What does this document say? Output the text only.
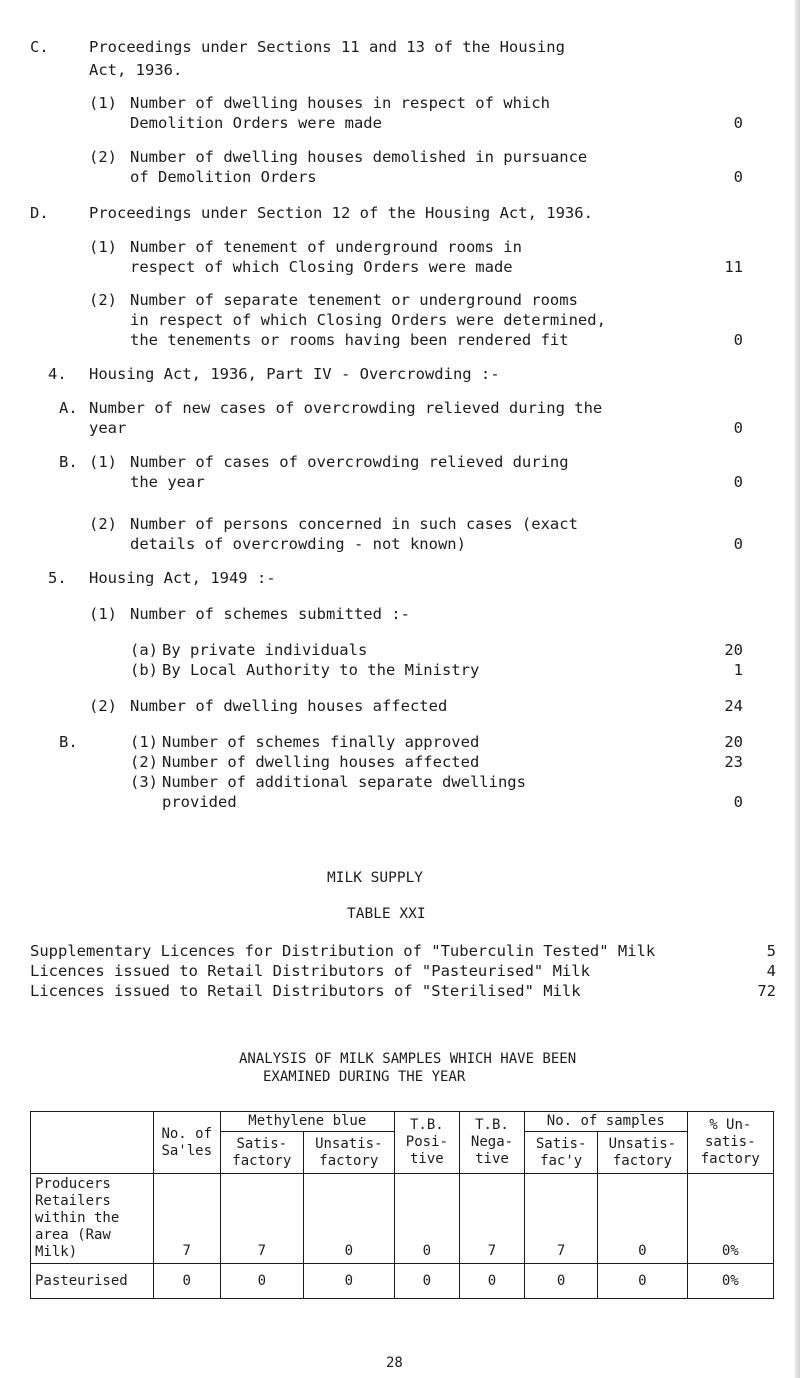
C.	Proceedings under Sections 11 and 13 of the Housing
Act, 1936.
(1) Number of dwelling houses in respect of which
Demolition Orders were made	0
(2) Number of dwelling houses demolished in pursuance
of Demolition Orders	0
D.	Proceedings under Section 12 of the Housing Act, 1936.
(1) Number of tenement of underground rooms in
respect of which Closing Orders were made	11
(2) Number of separate tenement or underground rooms
in respect of which Closing Orders were determined,
the tenements or rooms having been rendered fit	0
4. Housing Act, 1936, Part IV - Overcrowding :-
A. Number of new cases of overcrowding relieved during the
year	0
B. (1) Number of cases of overcrowding relieved during
the year	0
(2) Number of persons concerned in such cases (exact
details of overcrowding - not known)	0
5. Housing Act, 1949 :-
(1) Number of schemes submitted :-
(a) By private individuals	20
(b) By Local Authority to the Ministry	1
(2) Number of dwelling houses affected	24
B.	(1) Number of schemes finally approved	20
(2) Number of dwelling houses affected	23
(3) Number of additional separate dwellings
provided	0
MILK SUPPLY
TABLE XXI
Supplementary Licences for Distribution of "Tuberculin Tested" Milk	5
Licences issued to Retail Distributors of "Pasteurised" Milk	4
Licences issued to Retail Distributors of "Sterilised" Milk	72
ANALYSIS OF MILK SAMPLES WHICH HAVE BEEN
EXAMINED DURING THE YEAR
	No. of Sa'les	Methylene blue		T.B. Posi- tive	T.B. Nega- tive	No. of samples		% Un- satis- factory
		Satis- factory	Unsatis- factory			Satis- fac'y	Unsatis- factory	
Producers Retailers within the area (Raw Milk)	7	7	0	0	7	7	0	0%
Pasteurised	0	0	0	0	0	0	0	0%
28
